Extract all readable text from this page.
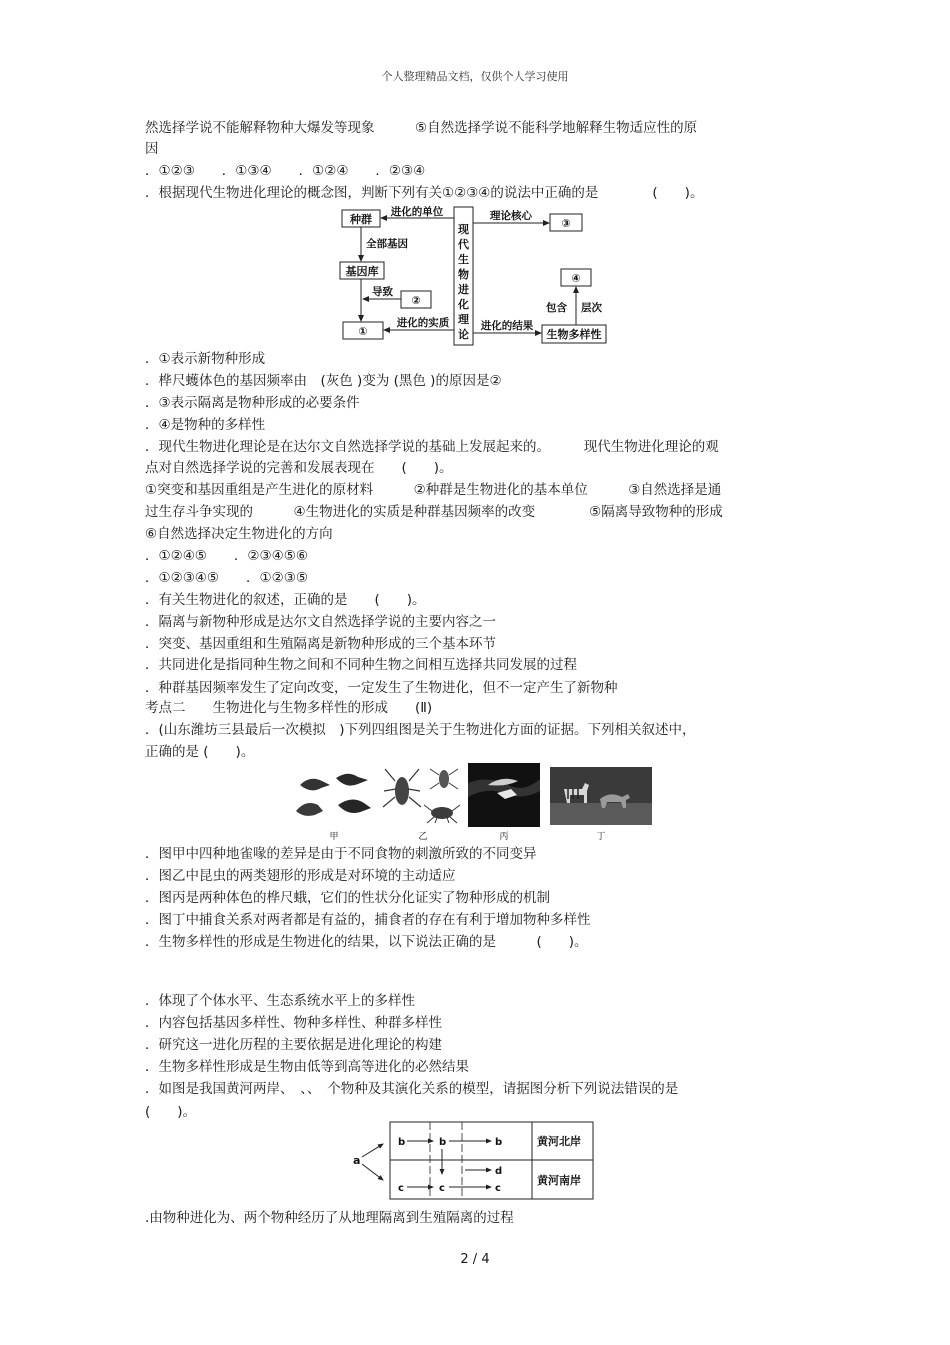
个人整理精品文档，仅供个人学习使用
然选择学说不能解释物种大爆发等现象　　　⑤自然选择学说不能科学地解释生物适应性的原
因
．①②③　　．①③④　　．①②④　　．②③④
．根据现代生物进化理论的概念图，判断下列有关①②③④的说法中正确的是　　　　(　　)。
现
代
生
物
进
化
理
论
种群
进化的单位
③
理论核心
全部基因
基因库
②
导致
①
进化的实质	进化的结果
生物多样性
④
包含 层次
．①表示新物种形成
．桦尺蠖体色的基因频率由　(灰色 )变为 (黑色 )的原因是②
．③表示隔离是物种形成的必要条件
．④是物种的多样性
．现代生物进化理论是在达尔文自然选择学说的基础上发展起来的。　　　现代生物进化理论的观
点对自然选择学说的完善和发展表现在　　(　　)。
①突变和基因重组是产生进化的原材料　　　②种群是生物进化的基本单位　　　③自然选择是通
过生存斗争实现的　　　④生物进化的实质是种群基因频率的改变　　　　⑤隔离导致物种的形成
⑥自然选择决定生物进化的方向
．①②④⑤　　．②③④⑤⑥
．①②③④⑤　　．①②③⑤
．有关生物进化的叙述，正确的是　　(　　)。
．隔离与新物种形成是达尔文自然选择学说的主要内容之一
．突变、基因重组和生殖隔离是新物种形成的三个基本环节
．共同进化是指同种生物之间和不同种生物之间相互选择共同发展的过程
．种群基因频率发生了定向改变，一定发生了生物进化，但不一定产生了新物种
考点二　　生物进化与生物多样性的形成　　(Ⅱ)
．(山东潍坊三县最后一次模拟　)下列四组图是关于生物进化方面的证据。下列相关叙述中，
正确的是 (　　)。
甲	乙	丙	丁
．图甲中四种地雀喙的差异是由于不同食物的刺激所致的不同变异
．图乙中昆虫的两类翅形的形成是对环境的主动适应
．图丙是两种体色的桦尺蛾，它们的性状分化证实了物种形成的机制
．图丁中捕食关系对两者都是有益的，捕食者的存在有利于增加物种多样性
．生物多样性的形成是生物进化的结果，以下说法正确的是　　　(　　)。
．体现了个体水平、生态系统水平上的多样性
．内容包括基因多样性、物种多样性、种群多样性
．研究这一进化历程的主要依据是进化理论的构建
．生物多样性形成是生物由低等到高等进化的必然结果
．如图是我国黄河两岸、　、、　个物种及其演化关系的模型，请据图分析下列说法错误的是
(　　)。
a
b	b	b	黄河北岸
d
c	c	c
黄河南岸
.由物种进化为、两个物种经历了从地理隔离到生殖隔离的过程
2 / 4
